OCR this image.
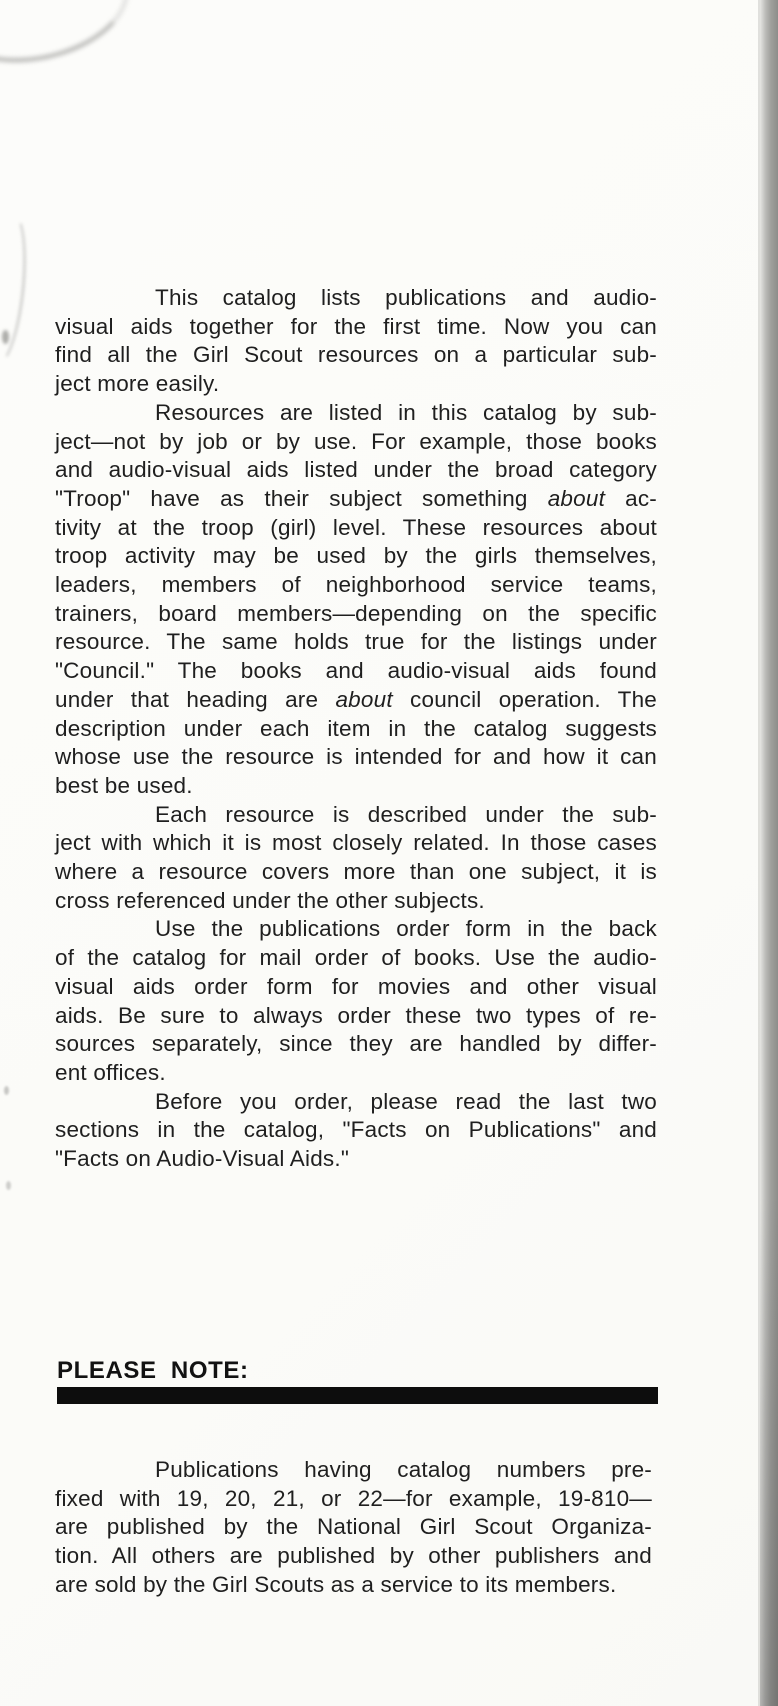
This catalog lists publications and audio-
visual aids together for the first time. Now you can
find all the Girl Scout resources on a particular sub-
ject more easily.
Resources are listed in this catalog by sub-
ject—not by job or by use. For example, those books
and audio-visual aids listed under the broad category
"Troop" have as their subject something about ac-
tivity at the troop (girl) level. These resources about
troop activity may be used by the girls themselves,
leaders, members of neighborhood service teams,
trainers, board members—depending on the specific
resource. The same holds true for the listings under
"Council." The books and audio-visual aids found
under that heading are about council operation. The
description under each item in the catalog suggests
whose use the resource is intended for and how it can
best be used.
Each resource is described under the sub-
ject with which it is most closely related. In those cases
where a resource covers more than one subject, it is
cross referenced under the other subjects.
Use the publications order form in the back
of the catalog for mail order of books. Use the audio-
visual aids order form for movies and other visual
aids. Be sure to always order these two types of re-
sources separately, since they are handled by differ-
ent offices.
Before you order, please read the last two
sections in the catalog, "Facts on Publications" and
"Facts on Audio-Visual Aids."
PLEASE NOTE:
Publications having catalog numbers pre-
fixed with 19, 20, 21, or 22—for example, 19-810—
are published by the National Girl Scout Organiza-
tion. All others are published by other publishers and
are sold by the Girl Scouts as a service to its members.
